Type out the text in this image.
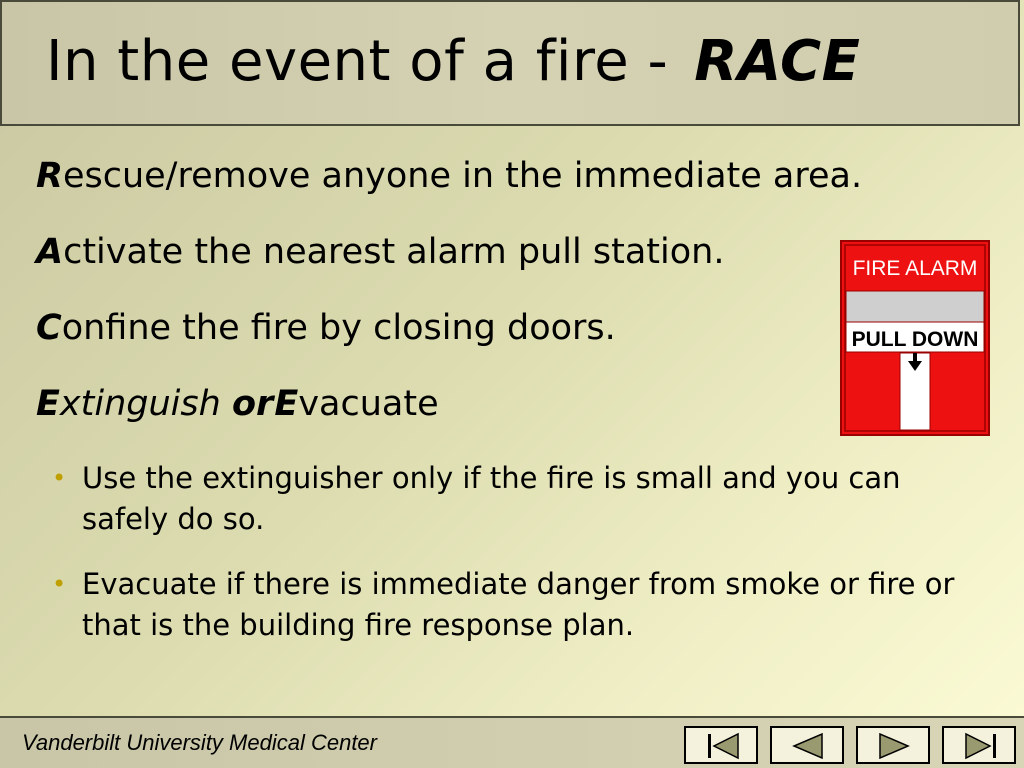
In the event of a fire - RACE
Rescue/remove anyone in the immediate area.
Activate the nearest alarm pull station.
Confine the fire by closing doors.
Extinguish or Evacuate
• Use the extinguisher only if the fire is small and you can safely do so.
• Evacuate if there is immediate danger from smoke or fire or that is the building fire response plan.
FIRE ALARM
PULL DOWN
Vanderbilt University Medical Center
